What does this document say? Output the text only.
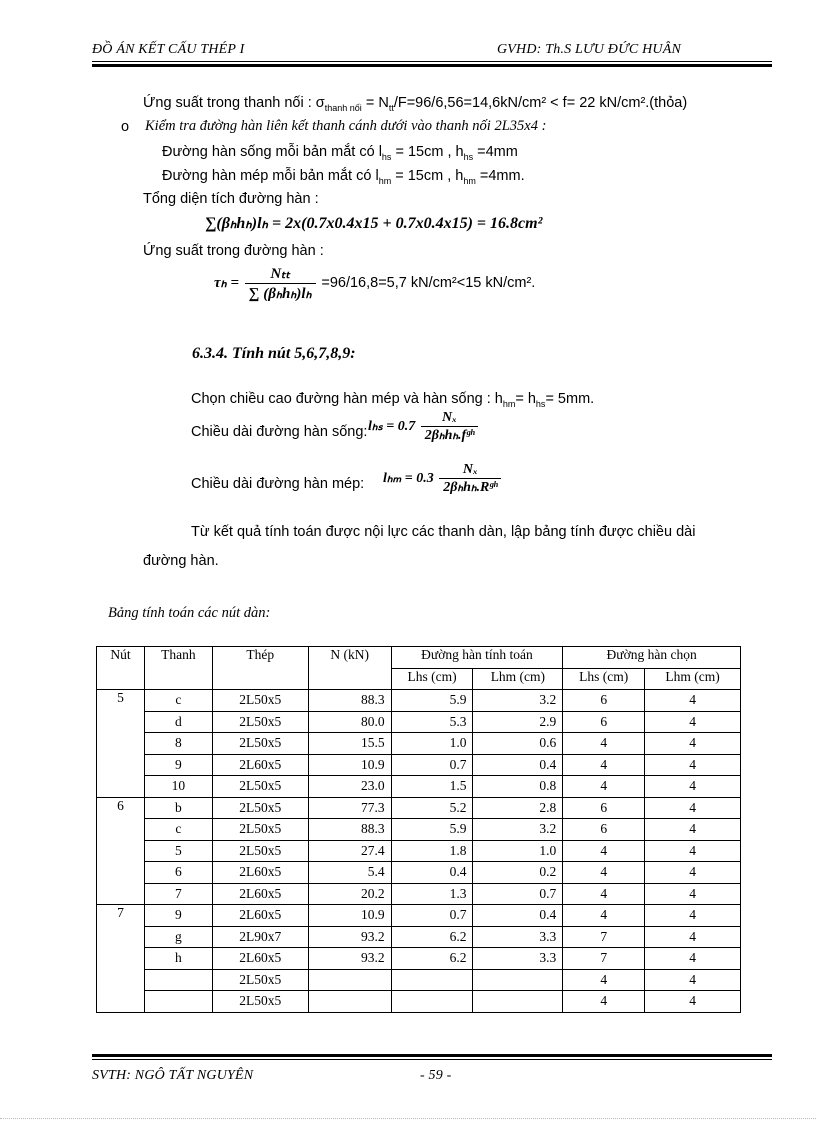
ĐỒ ÁN KẾT CẤU THÉP I	GVHD: Th.S LƯU ĐỨC HUÂN
Ứng suất trong thanh nối : $\sigma_{thanh nối} = N_{tt}/F=96/6,56=14,6kN/cm^2 < f= 22$ kN/cm².(thỏa)
o Kiểm tra đường hàn liên kết thanh cánh dưới vào thanh nối 2L35x4 :
Đường hàn sống mỗi bản mắt có $l_{hs} = 15cm$ , $h_{hs} =4mm$
Đường hàn mép mỗi bản mắt có $l_{hm} = 15cm$ , $h_{hm} =4mm$.
Tổng diện tích đường hàn :
∑(βₕhₕ)lₕ = 2x(0.7x0.4x15 + 0.7x0.4x15) = 16.8cm²
Ứng suất trong đường hàn :
$\tau_h = \frac{\text{Nₜₜ}}{\text{∑ (βₕhₕ)lₕ}} =96/16,8=5,7$ kN/cm²<15 kN/cm².
6.3.4. Tính nút 5,6,7,8,9:
Chọn chiều cao đường hàn mép và hàn sống : $h_{hm}= h_{hs}= 5mm$.
Chiều dài đường hàn sống: $l_{hs} = 0.7 \frac{\text{Nₓ}}{\text{2βₕhₕ.fᵍʰ}}$
Chiều dài đường hàn mép: $l_{hm} = 0.3 \frac{\text{Nₓ}}{\text{2βₕhₕ.Rᵍʰ}}$
Từ kết quả tính toán được nội lực các thanh dàn, lập bảng tính được chiều dài
đường hàn.
Bảng tính toán các nút dàn:
Nút	Thanh	Thép	N (kN)	Đường hàn tính toán		Đường hàn chọn	
				Lhs (cm)	Lhm (cm)	Lhs (cm)	Lhm (cm)
5	c	2L50x5	88.3	5.9	3.2	6	4
	d	2L50x5	80.0	5.3	2.9	6	4
	8	2L50x5	15.5	1.0	0.6	4	4
	9	2L60x5	10.9	0.7	0.4	4	4
	10	2L50x5	23.0	1.5	0.8	4	4
6	b	2L50x5	77.3	5.2	2.8	6	4
	c	2L50x5	88.3	5.9	3.2	6	4
	5	2L50x5	27.4	1.8	1.0	4	4
	6	2L60x5	5.4	0.4	0.2	4	4
	7	2L60x5	20.2	1.3	0.7	4	4
7	9	2L60x5	10.9	0.7	0.4	4	4
	g	2L90x7	93.2	6.2	3.3	7	4
	h	2L60x5	93.2	6.2	3.3	7	4
		2L50x5				4	4
		2L50x5				4	4
SVTH: NGÔ TẤT NGUYÊN	- 59 -
